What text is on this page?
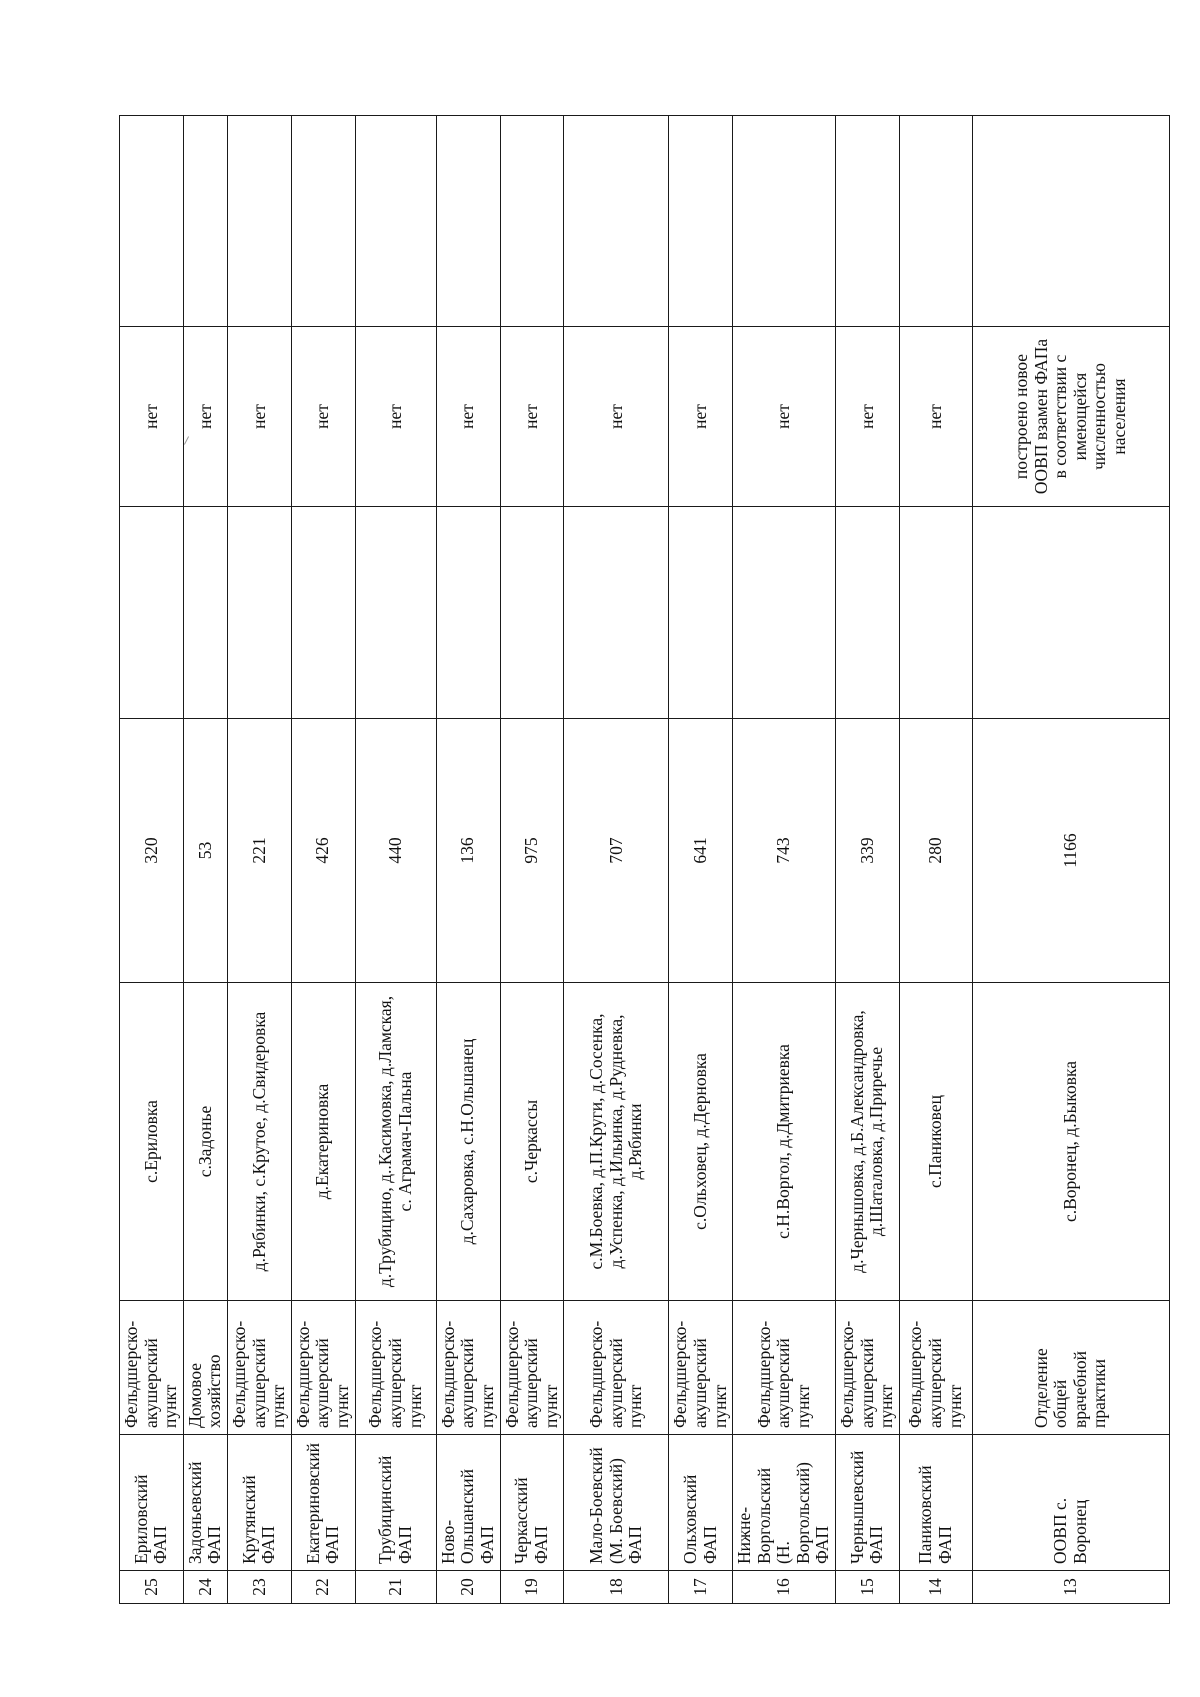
25	Ериловский ФАП	Фельдшерско-акушерский пункт	с.Ериловка	320		нет	
24	Задоньевский ФАП	Домовое хозяйство	с.Задонье	53		нет	
23	Крутянский ФАП	Фельдшерско-акушерский пункт	д.Рябинки, с.Крутое, д.Свидеровка	221		нет	
22	Екатериновский ФАП	Фельдшерско-акушерский пункт	д.Екатериновка	426		нет	
21	Трубицинский ФАП	Фельдшерско-акушерский пункт	д.Трубицино, д..Касимовка, д.Ламская, с. Аграмач-Пальна	440		нет	
20	Ново-Ольшанский ФАП	Фельдшерско-акушерский пункт	д.Сахаровка, с.Н.Ольшанец	136		нет	
19	Черкасский ФАП	Фельдшерско-акушерский пункт	с.Черкассы	975		нет	
18	Мало-Боевский (М. Боевский) ФАП	Фельдшерско-акушерский пункт	с.М.Боевка, д.П.Круги, д.Сосенка, д.Успенка, д.Ильинка, д.Рудневка, д.Рябинки	707		нет	
17	Ольховский ФАП	Фельдшерско-акушерский пункт	с.Ольховец, д.Дерновка	641		нет	
16	Нижне-Воргольский (Н. Воргольский) ФАП	Фельдшерско-акушерский пункт	с.Н.Воргол, д.Дмитриевка	743		нет	
15	Чернышевский ФАП	Фельдшерско-акушерский пункт	д.Чернышовка, д.Б.Александровка, д.Шаталовка, д.Приречье	339		нет	
14	Паниковский ФАП	Фельдшерско-акушерский пункт	с.Паниковец	280		нет	
13	ООВП с. Воронец	Отделение общей врачебной практики	с.Воронец, д.Быковка	1166		построено новое ООВП взамен ФАПа в соответствии с имеющейся численностью населения	
